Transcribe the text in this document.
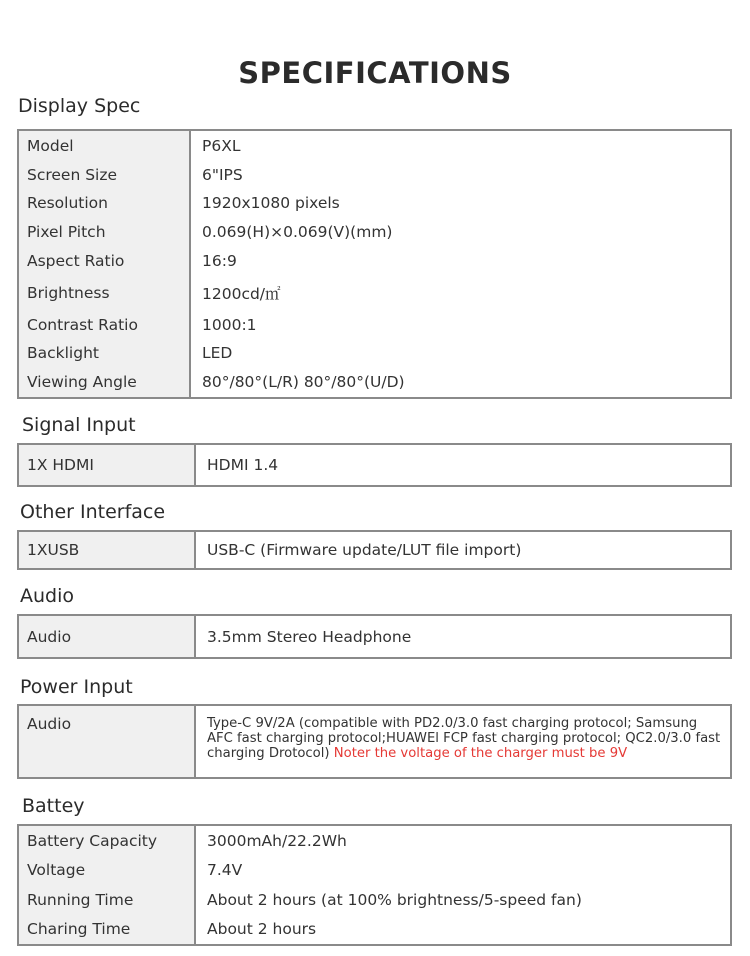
SPECIFICATIONS
Display Spec
Model	P6XL
Screen Size	6"IPS
Resolution	1920x1080 pixels
Pixel Pitch	0.069(H)×0.069(V)(mm)
Aspect Ratio	16:9
Brightness	1200cd/㎡
Contrast Ratio	1000:1
Backlight	LED
Viewing Angle	80°/80°(L/R) 80°/80°(U/D)
Signal Input
1X HDMI	HDMI 1.4
Other Interface
1XUSB	USB-C (Firmware update/LUT file import)
Audio
Audio	3.5mm Stereo Headphone
Power Input
Audio	Type-C 9V/2A (compatible with PD2.0/3.0 fast charging protocol; Samsung AFC fast charging protocol;HUAWEl FCP fast charging protocol; QC2.0/3.0 fast charging Drotocol) Noter the voltage of the charger must be 9V
Battey
Battery Capacity	3000mAh/22.2Wh
Voltage	7.4V
Running Time	About 2 hours (at 100% brightness/5-speed fan)
Charing Time	About 2 hours
